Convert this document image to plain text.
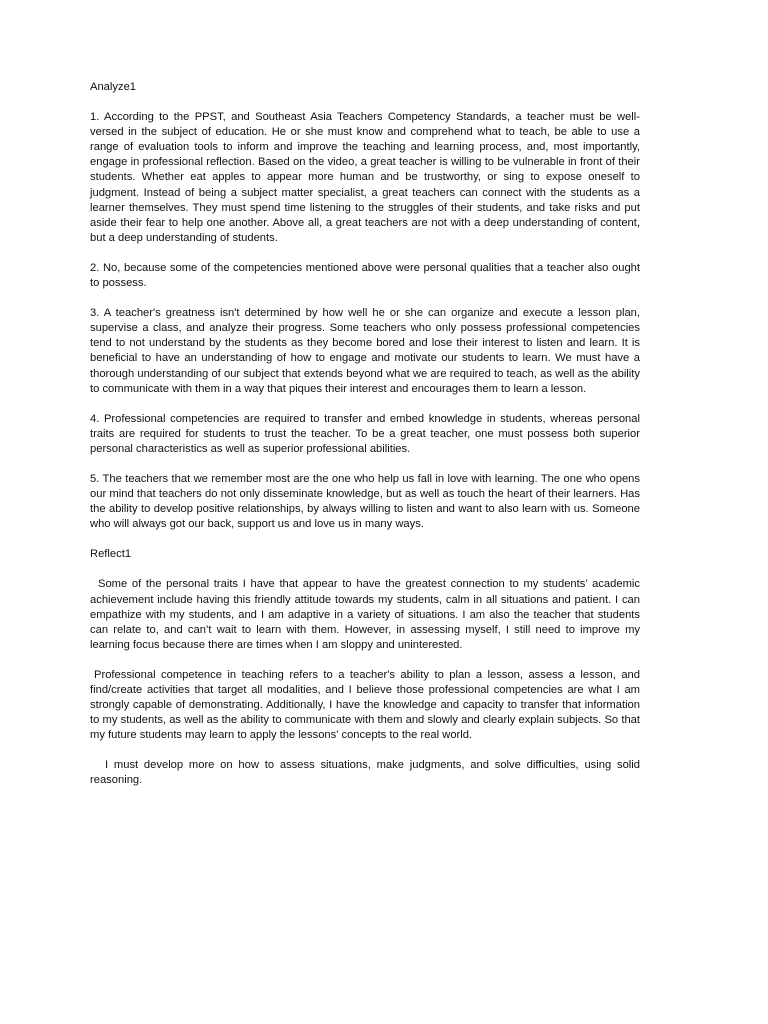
Analyze1

1. According to the PPST, and Southeast Asia Teachers Competency Standards, a teacher must be well-versed in the subject of education. He or she must know and comprehend what to teach, be able to use a range of evaluation tools to inform and improve the teaching and learning process, and, most importantly, engage in professional reflection. Based on the video, a great teacher is willing to be vulnerable in front of their students. Whether eat apples to appear more human and be trustworthy, or sing to expose oneself to judgment. Instead of being a subject matter specialist, a great teachers can connect with the students as a learner themselves. They must spend time listening to the struggles of their students, and take risks and put aside their fear to help one another. Above all, a great teachers are not with a deep understanding of content, but a deep understanding of students.

2. No, because some of the competencies mentioned above were personal qualities that a teacher also ought to possess.

3. A teacher's greatness isn't determined by how well he or she can organize and execute a lesson plan, supervise a class, and analyze their progress. Some teachers who only possess professional competencies tend to not understand by the students as they become bored and lose their interest to listen and learn. It is beneficial to have an understanding of how to engage and motivate our students to learn. We must have a thorough understanding of our subject that extends beyond what we are required to teach, as well as the ability to communicate with them in a way that piques their interest and encourages them to learn a lesson.

4. Professional competencies are required to transfer and embed knowledge in students, whereas personal traits are required for students to trust the teacher. To be a great teacher, one must possess both superior personal characteristics as well as superior professional abilities.

5. The teachers that we remember most are the one who help us fall in love with learning. The one who opens our mind that teachers do not only disseminate knowledge, but as well as touch the heart of their learners. Has the ability to develop positive relationships, by always willing to listen and want to also learn with us. Someone who will always got our back, support us and love us in many ways.

Reflect1

Some of the personal traits I have that appear to have the greatest connection to my students’ academic achievement include having this friendly attitude towards my students, calm in all situations and patient. I can empathize with my students, and I am adaptive in a variety of situations. I am also the teacher that students can relate to, and can’t wait to learn with them. However, in assessing myself, I still need to improve my learning focus because there are times when I am sloppy and uninterested.

Professional competence in teaching refers to a teacher's ability to plan a lesson, assess a lesson, and find/create activities that target all modalities, and I believe those professional competencies are what I am strongly capable of demonstrating. Additionally, I have the knowledge and capacity to transfer that information to my students, as well as the ability to communicate with them and slowly and clearly explain subjects. So that my future students may learn to apply the lessons' concepts to the real world.

I must develop more on how to assess situations, make judgments, and solve difficulties, using solid reasoning.
